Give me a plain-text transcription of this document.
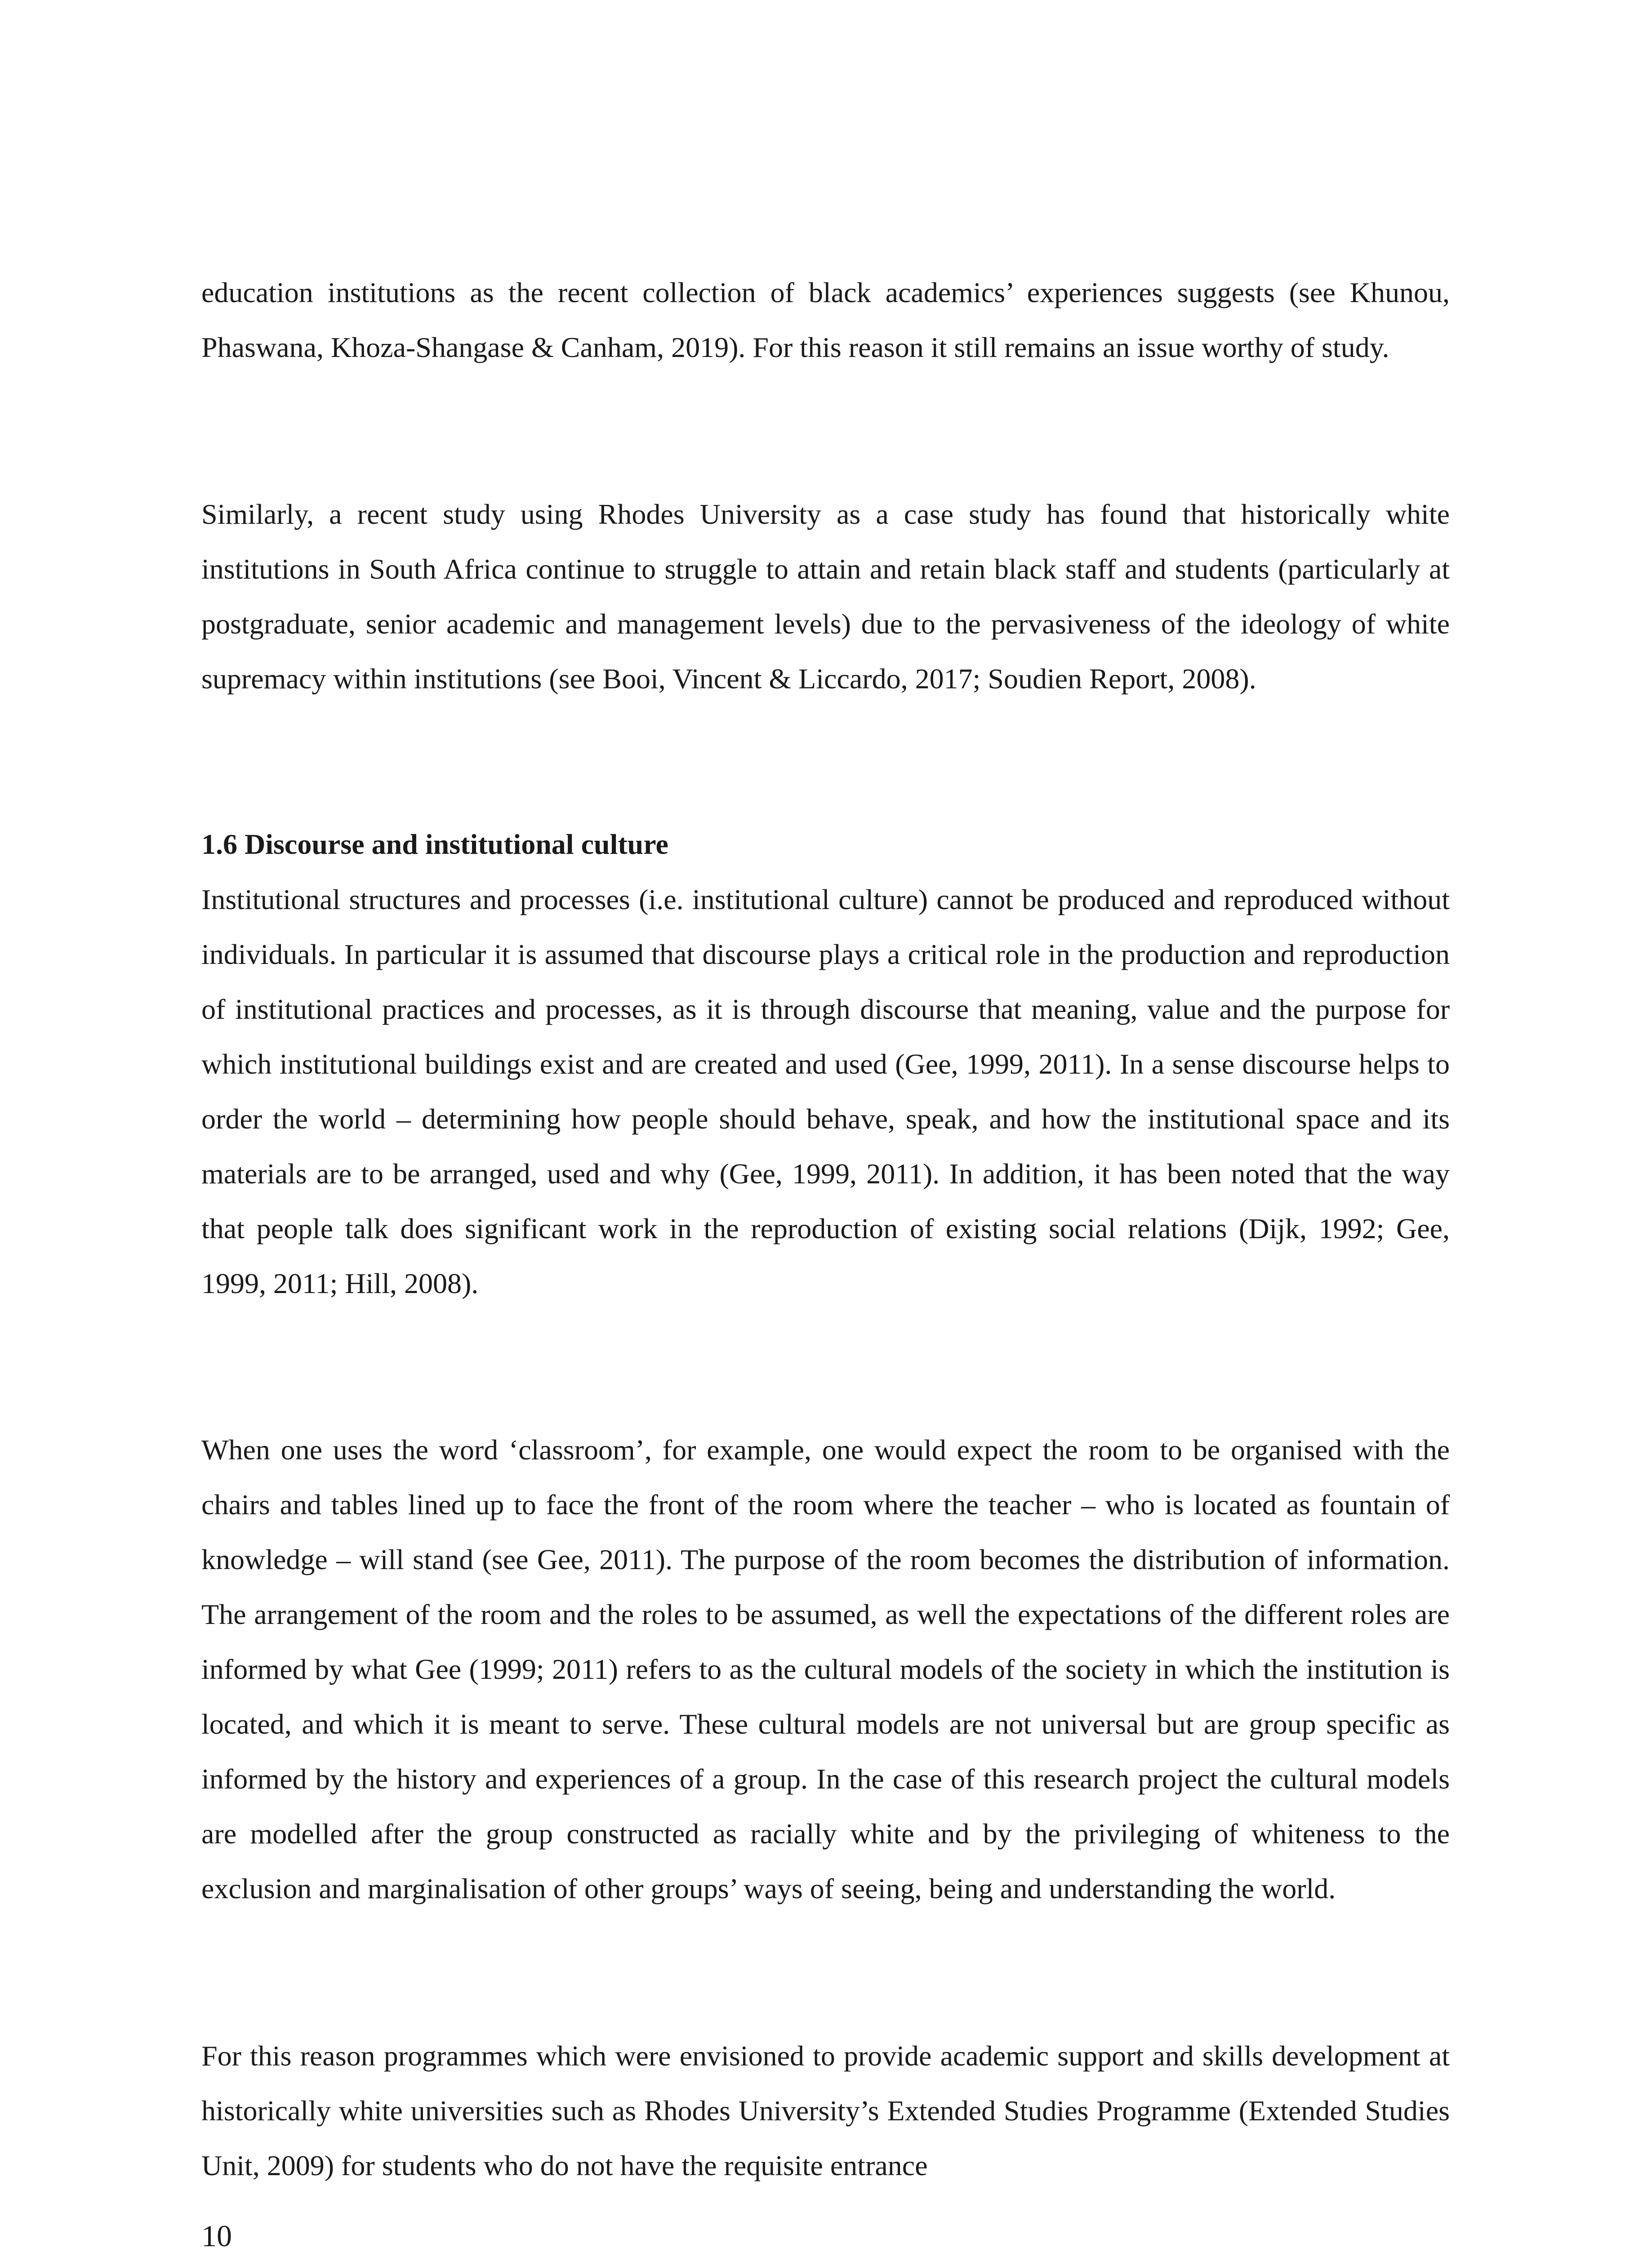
education institutions as the recent collection of black academics’ experiences suggests (see Khunou, Phaswana, Khoza-Shangase & Canham, 2019). For this reason it still remains an issue worthy of study.

Similarly, a recent study using Rhodes University as a case study has found that historically white institutions in South Africa continue to struggle to attain and retain black staff and students (particularly at postgraduate, senior academic and management levels) due to the pervasiveness of the ideology of white supremacy within institutions (see Booi, Vincent & Liccardo, 2017; Soudien Report, 2008).

1.6 Discourse and institutional culture

Institutional structures and processes (i.e. institutional culture) cannot be produced and reproduced without individuals. In particular it is assumed that discourse plays a critical role in the production and reproduction of institutional practices and processes, as it is through discourse that meaning, value and the purpose for which institutional buildings exist and are created and used (Gee, 1999, 2011). In a sense discourse helps to order the world – determining how people should behave, speak, and how the institutional space and its materials are to be arranged, used and why (Gee, 1999, 2011). In addition, it has been noted that the way that people talk does significant work in the reproduction of existing social relations (Dijk, 1992; Gee, 1999, 2011; Hill, 2008).

When one uses the word ‘classroom’, for example, one would expect the room to be organised with the chairs and tables lined up to face the front of the room where the teacher – who is located as fountain of knowledge – will stand (see Gee, 2011). The purpose of the room becomes the distribution of information. The arrangement of the room and the roles to be assumed, as well the expectations of the different roles are informed by what Gee (1999; 2011) refers to as the cultural models of the society in which the institution is located, and which it is meant to serve. These cultural models are not universal but are group specific as informed by the history and experiences of a group. In the case of this research project the cultural models are modelled after the group constructed as racially white and by the privileging of whiteness to the exclusion and marginalisation of other groups’ ways of seeing, being and understanding the world.

For this reason programmes which were envisioned to provide academic support and skills development at historically white universities such as Rhodes University’s Extended Studies Programme (Extended Studies Unit, 2009) for students who do not have the requisite entrance

10
